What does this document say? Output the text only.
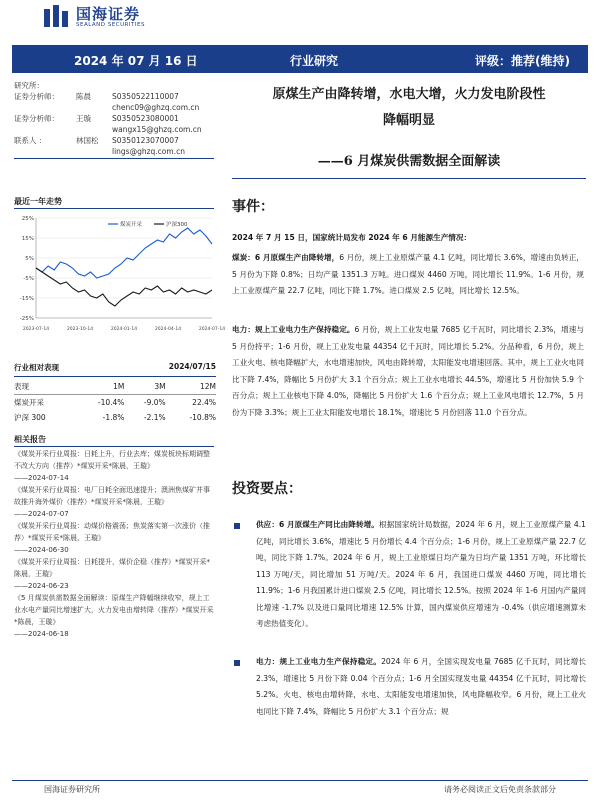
国海证券
SEALAND SECURITIES
2024 年 07 月 16 日	行业研究	评级：推荐(维持)
研究所：
证券分析师：	陈晨	S0350522110007
chenc09@ghzq.com.cn
证券分析师：	王璇	S0350523080001
wangx15@ghzq.com.cn
联系人 ：	林国松	S0350123070007
lings@ghzq.com.cn
最近一年走势
25%
15%
5%
-5%
-15%
-25%
2023-07-14	2023-10-14	2024-01-14	2024-04-14	2024-07-14
煤炭开采	沪深300
行业相对表现	2024/07/15
表现	1M	3M	12M
煤炭开采	-10.4%	-9.0%	22.4%
沪深 300	-1.8%	-2.1%	-10.8%
相关报告

《煤炭开采行业周报：日耗上升，行业去库；煤炭板块标期调整不改大方向（推荐）*煤炭开采*陈晨，王璇》

——2024-07-14

《煤炭开采行业周报：电厂日耗全面迅速提升；澳洲焦煤矿井事故推升海外煤价（推荐）*煤炭开采*陈晨，王璇》

——2024-07-07

《煤炭开采行业周报：动煤价格震荡；焦炭落实第一次涨价（推荐）*煤炭开采*陈晨，王璇》

——2024-06-30

《煤炭开采行业周报：日耗提升，煤价企稳（推荐）*煤炭开采*陈晨，王璇》

——2024-06-23

《5 月煤炭供需数据全面解读：原煤生产降幅继续收窄，规上工业水电产量同比增速扩大，火力发电由增转降（推荐）*煤炭开采*陈晨，王璇》

——2024-06-18

原煤生产由降转增，水电大增，火力发电阶段性
降幅明显
——6 月煤炭供需数据全面解读
事件：
2024 年 7 月 15 日，国家统计局发布 2024 年 6 月能源生产情况：
煤炭：6 月原煤生产由降转增，6 月份，规上工业原煤产量 4.1 亿吨，同比增长 3.6%，增速由负转正，5 月份为下降 0.8%；日均产量 1351.3 万吨。进口煤炭 4460 万吨，同比增长 11.9%。1-6 月份，规上工业原煤产量 22.7 亿吨，同比下降 1.7%。进口煤炭 2.5 亿吨，同比增长 12.5%。
电力：规上工业电力生产保持稳定。6 月份，规上工业发电量 7685 亿千瓦时，同比增长 2.3%，增速与 5 月份持平；1-6 月份，规上工业发电量 44354 亿千瓦时，同比增长 5.2%。分品种看，6 月份，规上工业火电、核电降幅扩大，水电增速加快，风电由降转增，太阳能发电增速回落。其中，规上工业火电同比下降 7.4%，降幅比 5 月份扩大 3.1 个百分点；规上工业水电增长 44.5%，增速比 5 月份加快 5.9 个百分点；规上工业核电下降 4.0%，降幅比 5 月份扩大 1.6 个百分点；规上工业风电增长 12.7%，5 月份为下降 3.3%；规上工业太阳能发电增长 18.1%，增速比 5 月份回落 11.0 个百分点。
投资要点：
供应：6 月原煤生产同比由降转增。根据国家统计局数据，2024 年 6 月，规上工业原煤产量 4.1 亿吨，同比增长 3.6%，增速比 5 月份增长 4.4 个百分点；1-6 月份，规上工业原煤产量 22.7 亿吨，同比下降 1.7%。2024 年 6 月，规上工业原煤日均产量为日均产量 1351 万吨，环比增长 113 万吨/天，同比增加 51 万吨/天。2024 年 6 月，我国进口煤炭 4460 万吨，同比增长 11.9%；1-6 月我国累计进口煤炭 2.5 亿吨，同比增长 12.5%。按照 2024 年 1-6 月国内产量同比增速 -1.7% 以及进口量同比增速 12.5% 计算，国内煤炭供应增速为 -0.4%（供应增速测算未考虑热值变化）。
电力：规上工业电力生产保持稳定。2024 年 6 月，全国实现发电量 7685 亿千瓦时，同比增长 2.3%，增速比 5 月份下降 0.04 个百分点；1-6 月全国实现发电量 44354 亿千瓦时，同比增长 5.2%。火电、核电由增转降，水电、太阳能发电增速加快，风电降幅收窄。6 月份，规上工业火电同比下降 7.4%，降幅比 5 月份扩大 3.1 个百分点；规
国海证券研究所	请务必阅读正文后免责条款部分
